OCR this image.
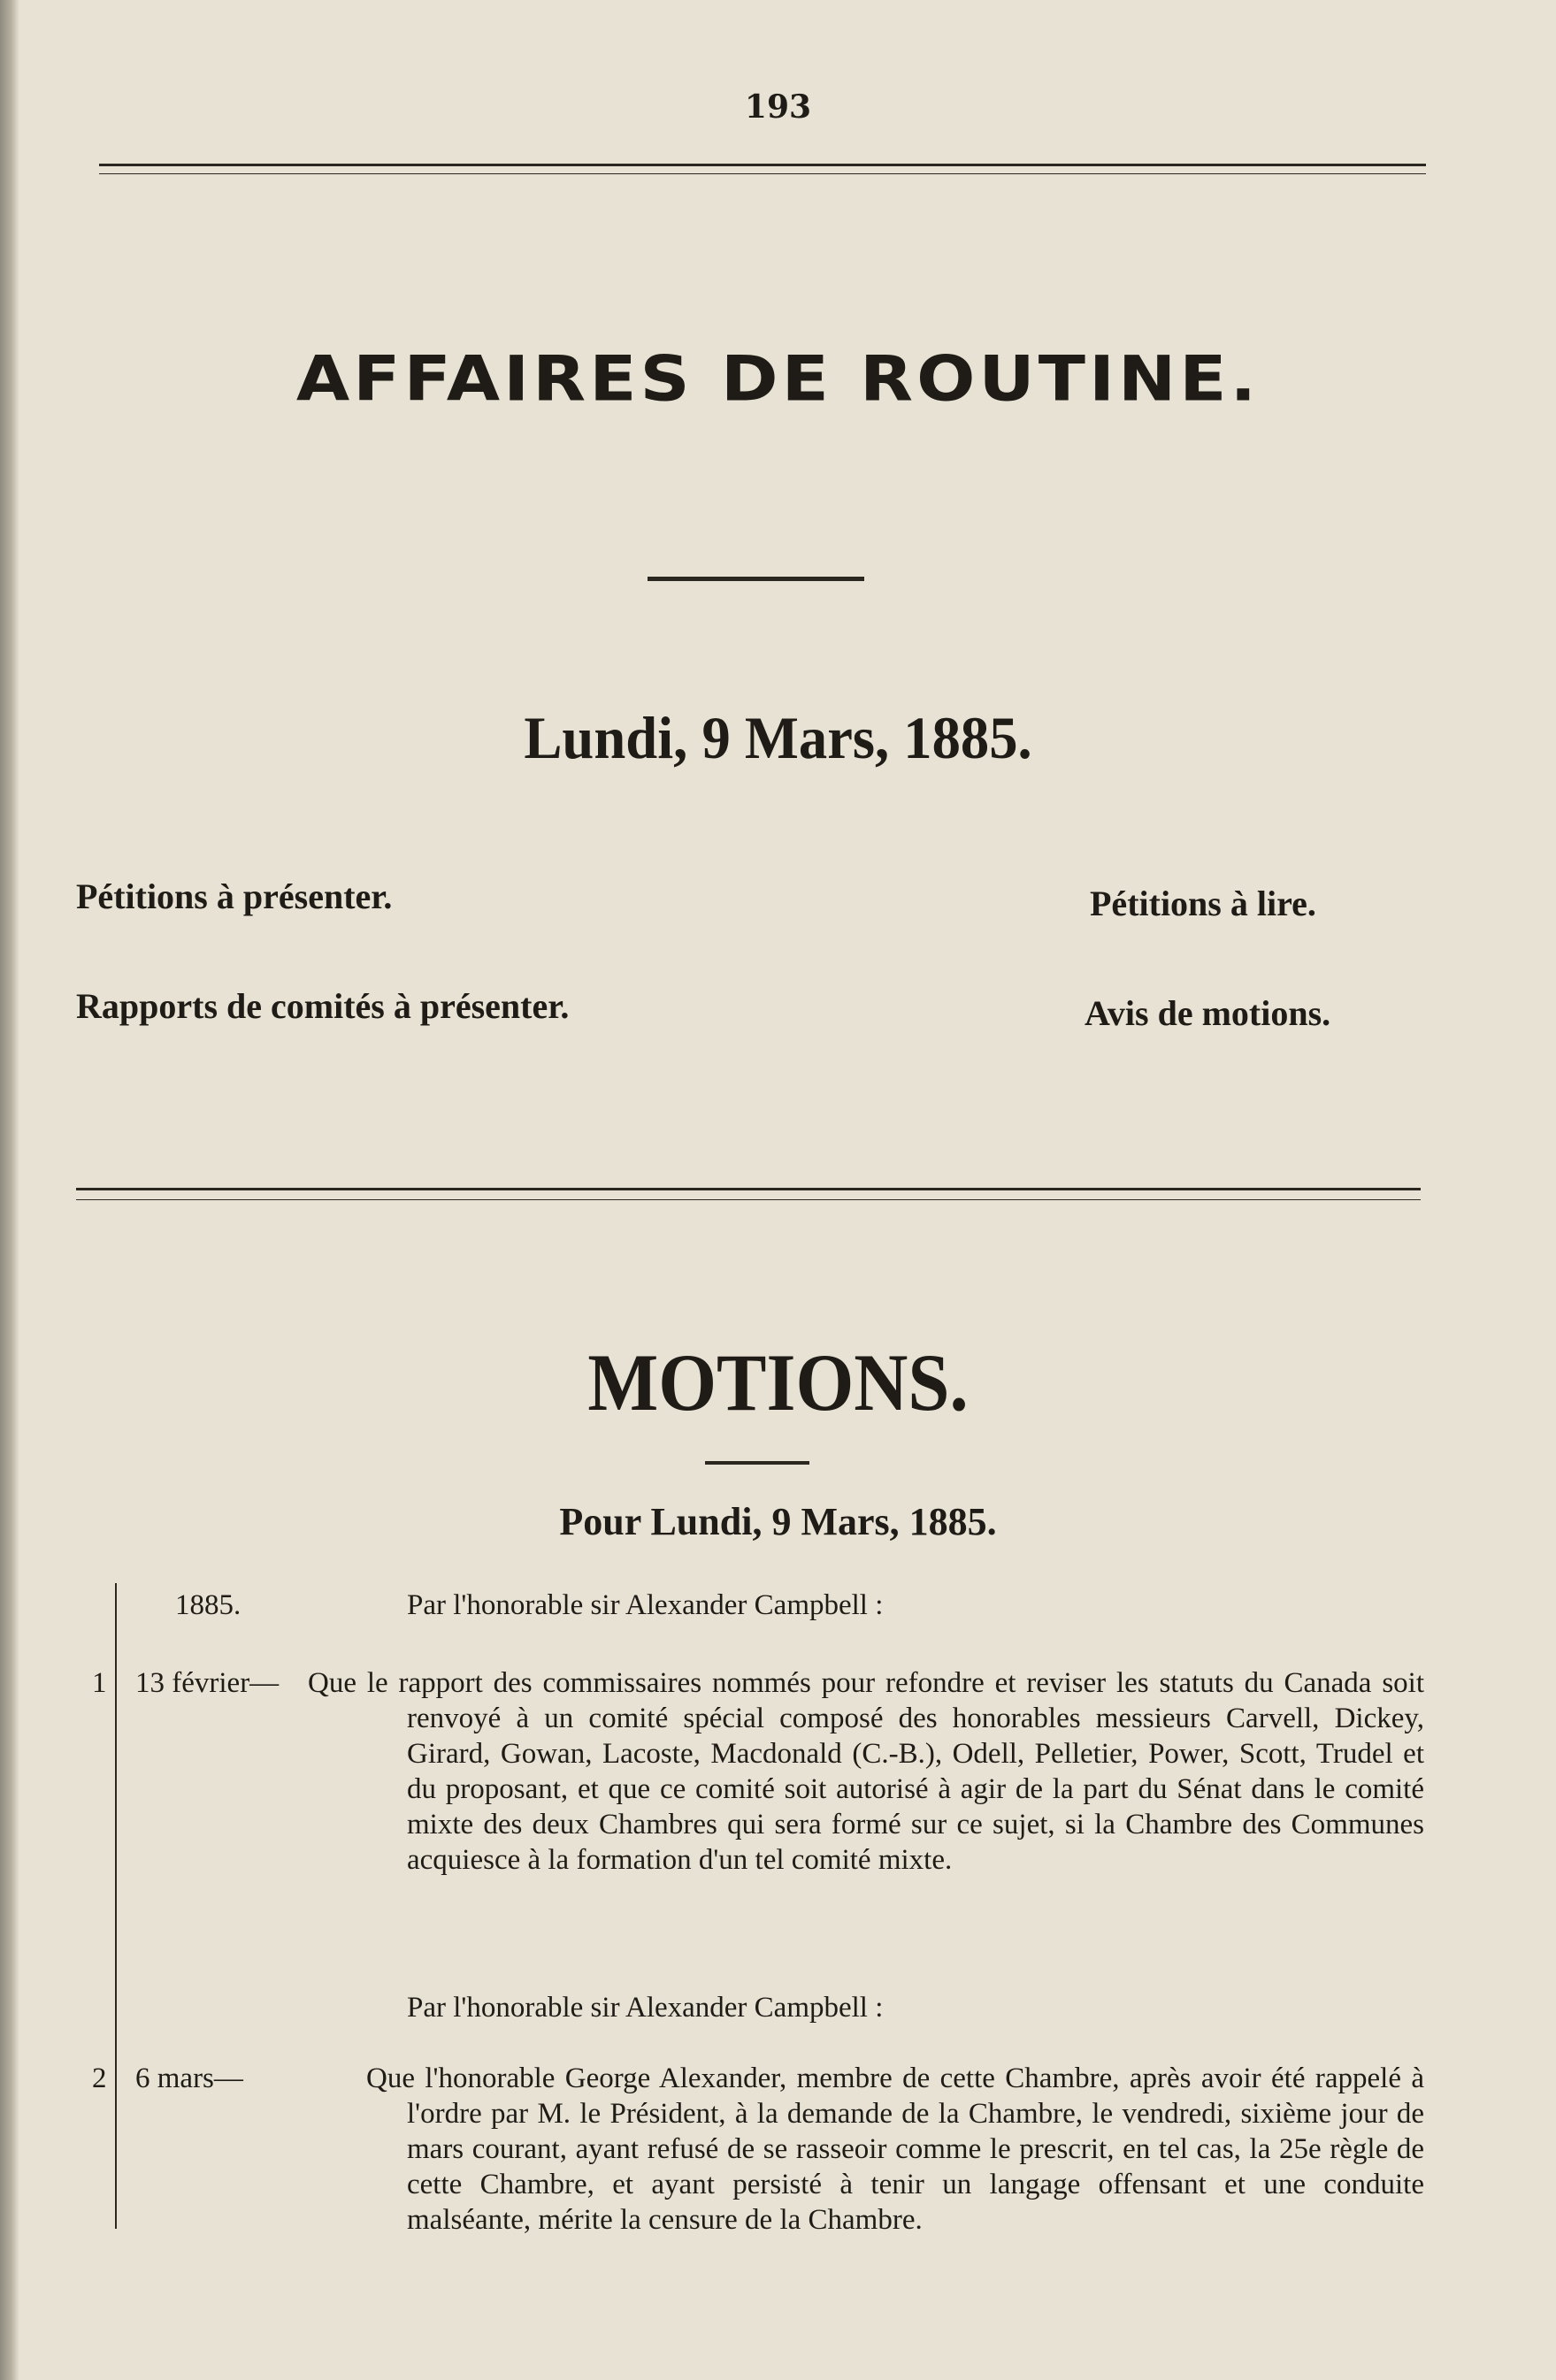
193
AFFAIRES DE ROUTINE.
Lundi, 9 Mars, 1885.
Pétitions à présenter.	Pétitions à lire.
Rapports de comités à présenter.	Avis de motions.
MOTIONS.
Pour Lundi, 9 Mars, 1885.
1885.	Par l'honorable sir Alexander Campbell :
1 13 février— Que le rapport des commissaires nommés pour refondre et reviser les statuts du Canada soit renvoyé à un comité spécial composé des honorables messieurs Carvell, Dickey, Girard, Gowan, Lacoste, Macdonald (C.-B.), Odell, Pelletier, Power, Scott, Trudel et du proposant, et que ce comité soit autorisé à agir de la part du Sénat dans le comité mixte des deux Chambres qui sera formé sur ce sujet, si la Chambre des Communes acquiesce à la formation d'un tel comité mixte.
Par l'honorable sir Alexander Campbell :
2 6 mars—	Que l'honorable George Alexander, membre de cette Chambre, après avoir été rappelé à l'ordre par M. le Président, à la demande de la Chambre, le vendredi, sixième jour de mars courant, ayant refusé de se rasseoir comme le prescrit, en tel cas, la 25e règle de cette Chambre, et ayant persisté à tenir un langage offensant et une conduite malséante, mérite la censure de la Chambre.
